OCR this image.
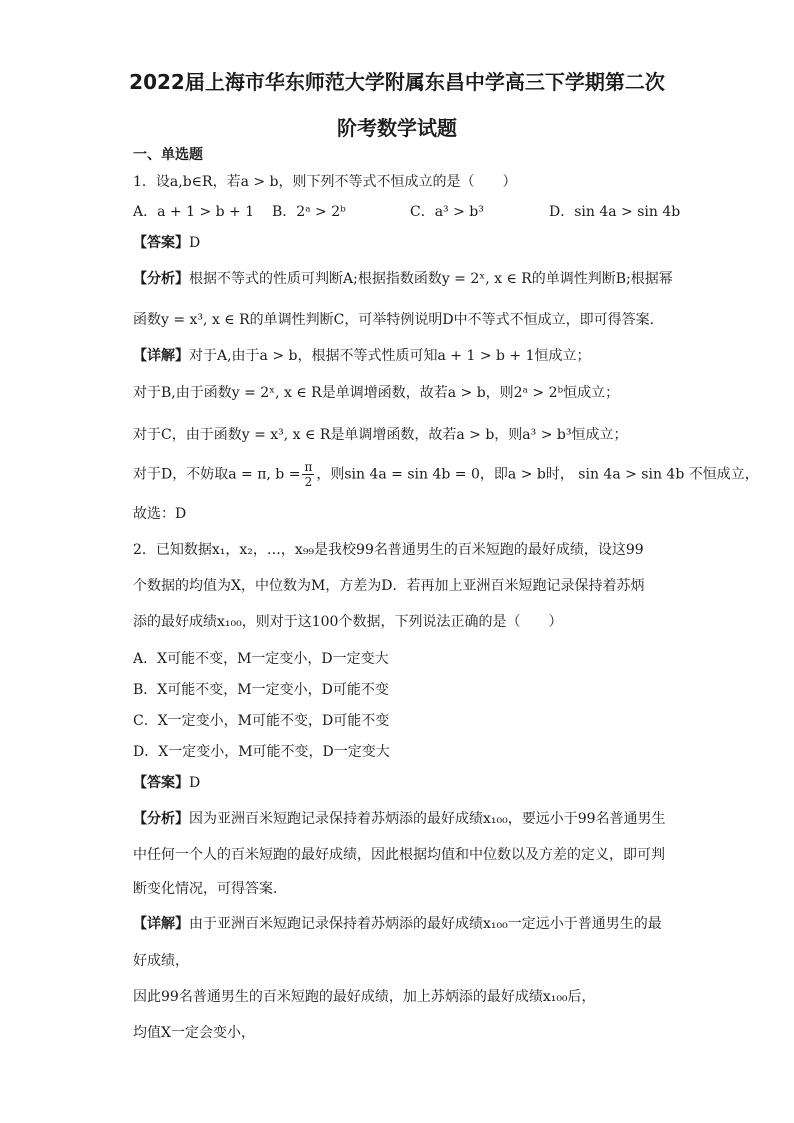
2022届上海市华东师范大学附属东昌中学高三下学期第二次
阶考数学试题
一、单选题
1．设a,b∈R，若a > b，则下列不等式不恒成立的是（　　）
A．a + 1 > b + 1 B．2ᵃ > 2ᵇ	C．a³ > b³	D．sin 4a > sin 4b
【答案】D
【分析】根据不等式的性质可判断A;根据指数函数y = 2ˣ, x ∈ R的单调性判断B;根据幂
函数y = x³, x ∈ R的单调性判断C，可举特例说明D中不等式不恒成立，即可得答案.
【详解】对于A,由于a > b，根据不等式性质可知a + 1 > b + 1恒成立；
对于B,由于函数y = 2ˣ, x ∈ R是单调增函数，故若a > b，则2ᵃ > 2ᵇ恒成立；
对于C，由于函数y = x³, x ∈ R是单调增函数，故若a > b，则a³ > b³恒成立；
对于D，不妨取a = π, $b = \frac{\pi}{2}$ ，则sin 4a = sin 4b = 0，即a > b时， sin 4a > sin 4b 不恒成立，
故选：D
2．已知数据x₁，x₂，…，x₉₉是我校99名普通男生的百米短跑的最好成绩，设这99
个数据的均值为X，中位数为M，方差为D．若再加上亚洲百米短跑记录保持着苏炳
添的最好成绩x₁₀₀，则对于这100个数据，下列说法正确的是（　　）
A．X可能不变，M一定变小，D一定变大
B．X可能不变，M一定变小，D可能不变
C．X一定变小，M可能不变，D可能不变
D．X一定变小，M可能不变，D一定变大
【答案】D
【分析】因为亚洲百米短跑记录保持着苏炳添的最好成绩x₁₀₀，要远小于99名普通男生
中任何一个人的百米短跑的最好成绩，因此根据均值和中位数以及方差的定义，即可判
断变化情况，可得答案.
【详解】由于亚洲百米短跑记录保持着苏炳添的最好成绩x₁₀₀一定远小于普通男生的最
好成绩，
因此99名普通男生的百米短跑的最好成绩，加上苏炳添的最好成绩x₁₀₀后，
均值X一定会变小，
